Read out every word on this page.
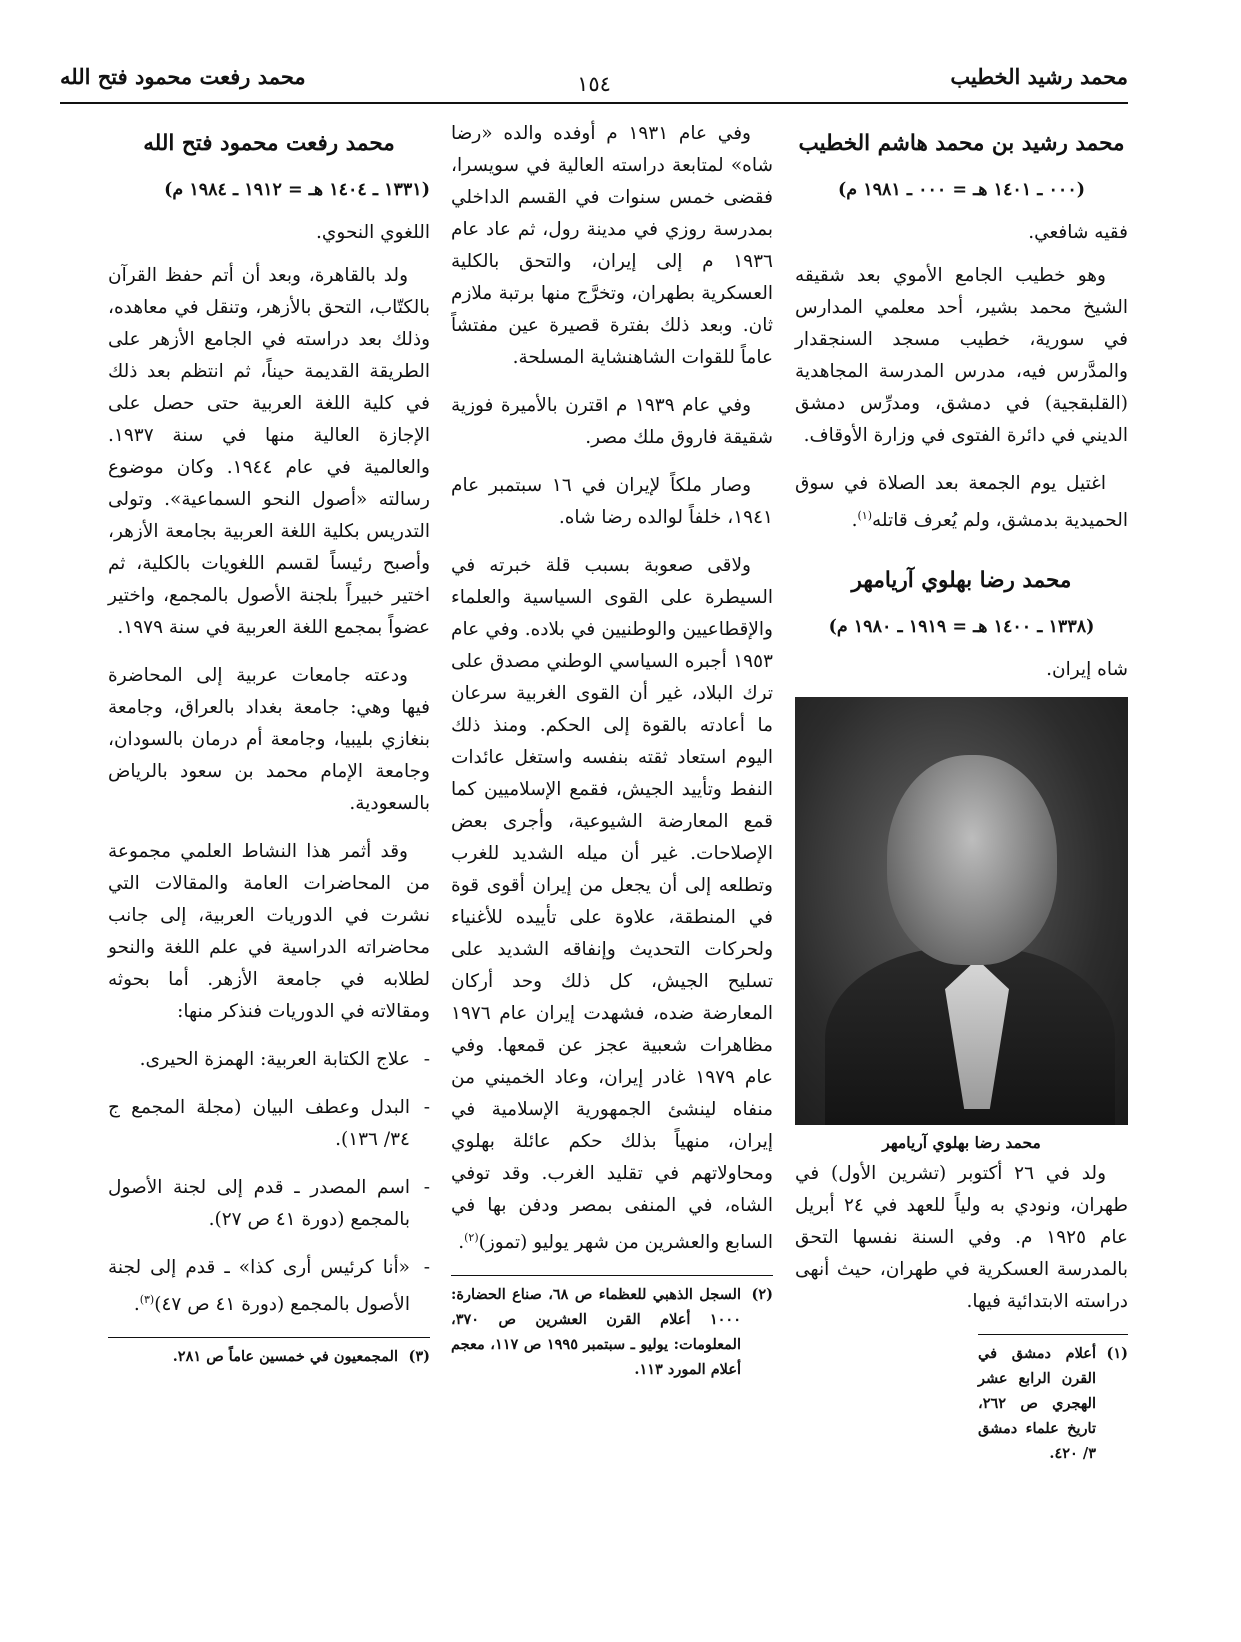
محمد رشيد الخطيب
١٥٤
محمد رفعت محمود فتح الله
محمد رشيد بن محمد هاشم الخطيب
(٠٠٠ ـ ١٤٠١ هـ = ٠٠٠ ـ ١٩٨١ م)
فقيه شافعي.

وهو خطيب الجامع الأموي بعد شقيقه الشيخ محمد بشير، أحد معلمي المدارس في سورية، خطيب مسجد السنجقدار والمدَّرس فيه، مدرس المدرسة المجاهدية (القلبقجية) في دمشق، ومدرِّس دمشق الديني في دائرة الفتوى في وزارة الأوقاف.

اغتيل يوم الجمعة بعد الصلاة في سوق الحميدية بدمشق، ولم يُعرف قاتله$^{(١)}$.

محمد رضا بهلوي آريامهر
(١٣٣٨ ـ ١٤٠٠ هـ = ١٩١٩ ـ ١٩٨٠ م)
شاه إيران.
محمد رضا بهلوي آريامهر

ولد في ٢٦ أكتوبر (تشرين الأول) في طهران، ونودي به ولياً للعهد في ٢٤ أبريل عام ١٩٢٥ م. وفي السنة نفسها التحق بالمدرسة العسكرية في طهران، حيث أنهى دراسته الابتدائية فيها.

(١)
أعلام دمشق في القرن الرابع عشر الهجري ص ٢٦٢، تاريخ علماء دمشق ٣/ ٤٢٠.

وفي عام ١٩٣١ م أوفده والده «رضا شاه» لمتابعة دراسته العالية في سويسرا، فقضى خمس سنوات في القسم الداخلي بمدرسة روزي في مدينة رول، ثم عاد عام ١٩٣٦ م إلى إيران، والتحق بالكلية العسكرية بطهران، وتخرَّج منها برتبة ملازم ثان. وبعد ذلك بفترة قصيرة عين مفتشاً عاماً للقوات الشاهنشاية المسلحة.

وفي عام ١٩٣٩ م اقترن بالأميرة فوزية شقيقة فاروق ملك مصر.

وصار ملكاً لإيران في ١٦ سبتمبر عام ١٩٤١، خلفاً لوالده رضا شاه.

ولاقى صعوبة بسبب قلة خبرته في السيطرة على القوى السياسية والعلماء والإقطاعيين والوطنيين في بلاده. وفي عام ١٩٥٣ أجبره السياسي الوطني مصدق على ترك البلاد، غير أن القوى الغربية سرعان ما أعادته بالقوة إلى الحكم. ومنذ ذلك اليوم استعاد ثقته بنفسه واستغل عائدات النفط وتأييد الجيش، فقمع الإسلاميين كما قمع المعارضة الشيوعية، وأجرى بعض الإصلاحات. غير أن ميله الشديد للغرب وتطلعه إلى أن يجعل من إيران أقوى قوة في المنطقة، علاوة على تأييده للأغنياء ولحركات التحديث وإنفاقه الشديد على تسليح الجيش، كل ذلك وحد أركان المعارضة ضده، فشهدت إيران عام ١٩٧٦ مظاهرات شعبية عجز عن قمعها. وفي عام ١٩٧٩ غادر إيران، وعاد الخميني من منفاه لينشئ الجمهورية الإسلامية في إيران، منهياً بذلك حكم عائلة بهلوي ومحاولاتهم في تقليد الغرب. وقد توفي الشاه، في المنفى بمصر ودفن بها في السابع والعشرين من شهر يوليو (تموز)$^{(٢)}$.

(٢)
السجل الذهبي للعظماء ص ٦٨، صناع الحضارة: ١٠٠٠ أعلام القرن العشرين ص ٣٧٠، المعلومات: يوليو ـ سبتمبر ١٩٩٥ ص ١١٧، معجم أعلام المورد ١١٣.
محمد رفعت محمود فتح الله
(١٣٣١ ـ ١٤٠٤ هـ = ١٩١٢ ـ ١٩٨٤ م)
اللغوي النحوي.

ولد بالقاهرة، وبعد أن أتم حفظ القرآن بالكتّاب، التحق بالأزهر، وتنقل في معاهده، وذلك بعد دراسته في الجامع الأزهر على الطريقة القديمة حيناً، ثم انتظم بعد ذلك في كلية اللغة العربية حتى حصل على الإجازة العالية منها في سنة ١٩٣٧. والعالمية في عام ١٩٤٤. وكان موضوع رسالته «أصول النحو السماعية». وتولى التدريس بكلية اللغة العربية بجامعة الأزهر، وأصبح رئيساً لقسم اللغويات بالكلية، ثم اختير خبيراً بلجنة الأصول بالمجمع، واختير عضواً بمجمع اللغة العربية في سنة ١٩٧٩.

ودعته جامعات عربية إلى المحاضرة فيها وهي: جامعة بغداد بالعراق، وجامعة بنغازي بليبيا، وجامعة أم درمان بالسودان، وجامعة الإمام محمد بن سعود بالرياض بالسعودية.

وقد أثمر هذا النشاط العلمي مجموعة من المحاضرات العامة والمقالات التي نشرت في الدوريات العربية، إلى جانب محاضراته الدراسية في علم اللغة والنحو لطلابه في جامعة الأزهر. أما بحوثه ومقالاته في الدوريات فنذكر منها:

- علاج الكتابة العربية: الهمزة الحيرى.
- البدل وعطف البيان (مجلة المجمع ج ٣٤/ ١٣٦).
- اسم المصدر ـ قدم إلى لجنة الأصول بالمجمع (دورة ٤١ ص ٢٧).
- «أنا كرئيس أرى كذا» ـ قدم إلى لجنة الأصول بالمجمع (دورة ٤١ ص ٤٧)$^{(٣)}$.
(٣)
المجمعيون في خمسين عاماً ص ٢٨١.
